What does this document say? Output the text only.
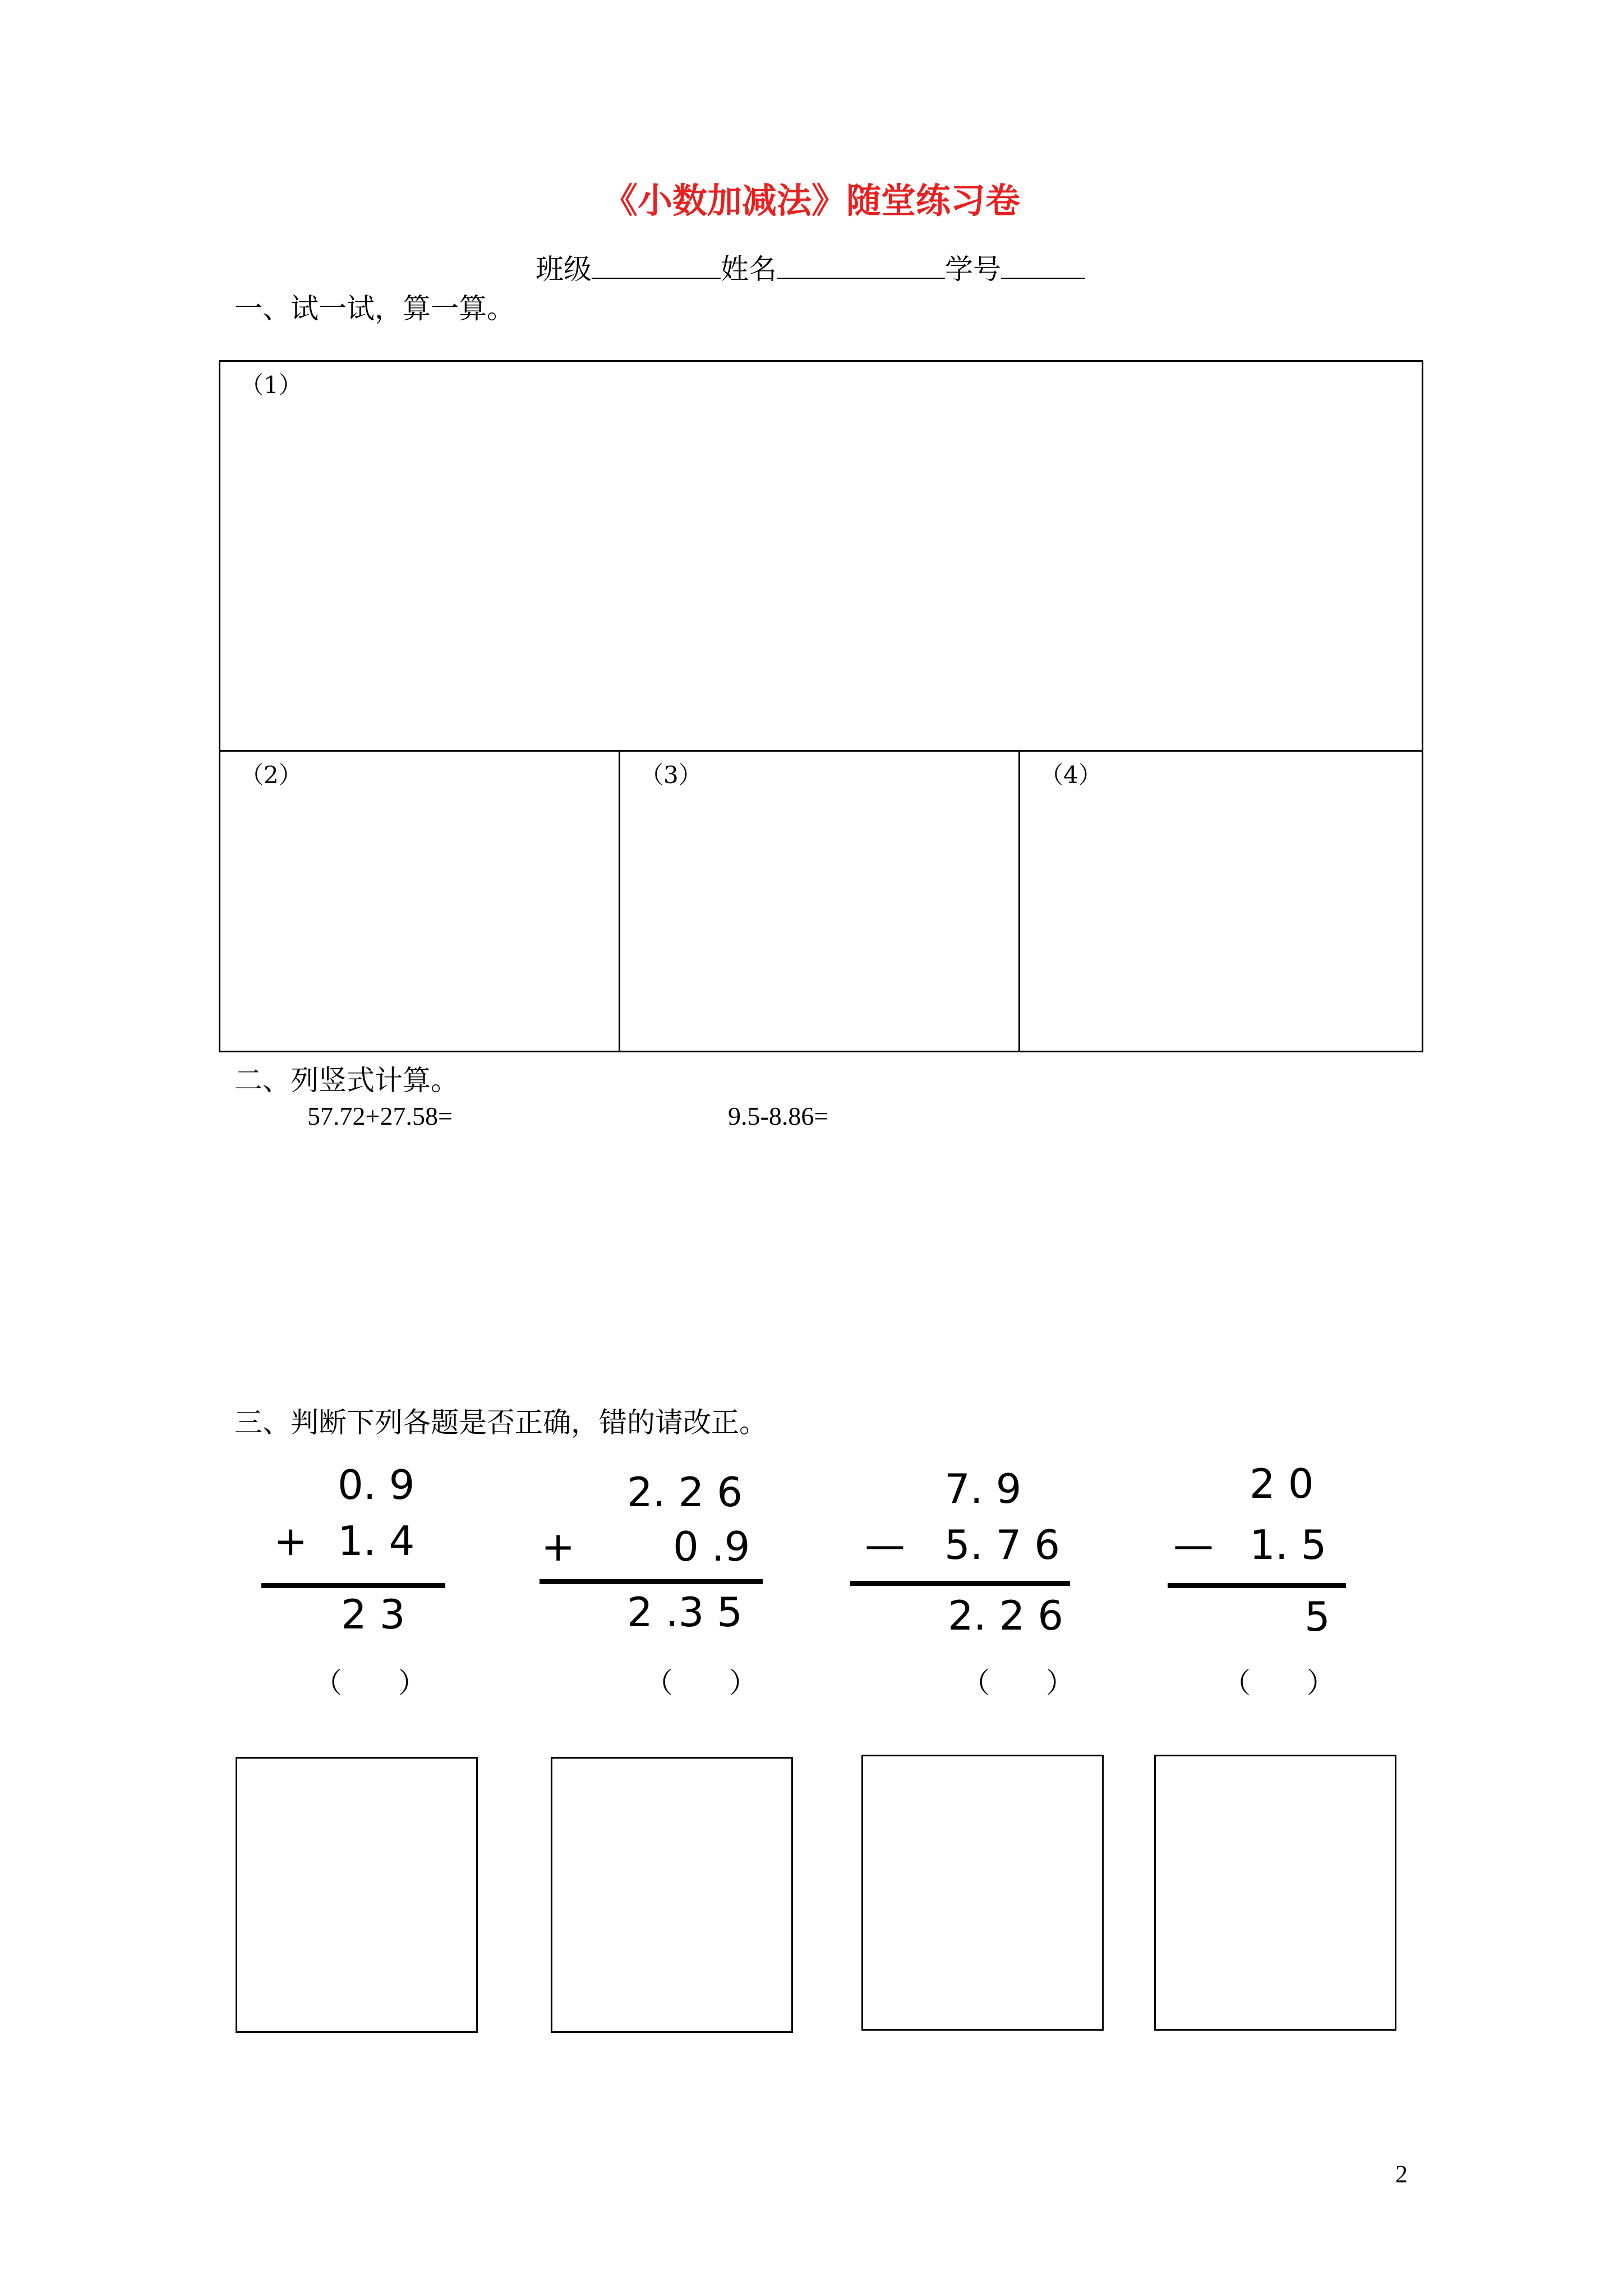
《小数加减法》随堂练习卷
班级	姓名	学号
一、试一试，算一算。
（1）
（2）	（3）	（4）
二、列竖式计算。
57.72+27.58=	9.5-8.86=
三、判断下列各题是否正确，错的请改正。
0. 9
+ 1. 4
2 3
（　　）
2. 2 6
+ 0 .9
2 .3 5
（　　）
7. 9
— 5. 7 6
2. 2 6
（　　）
2 0
— 1. 5
5
（　　）
2
